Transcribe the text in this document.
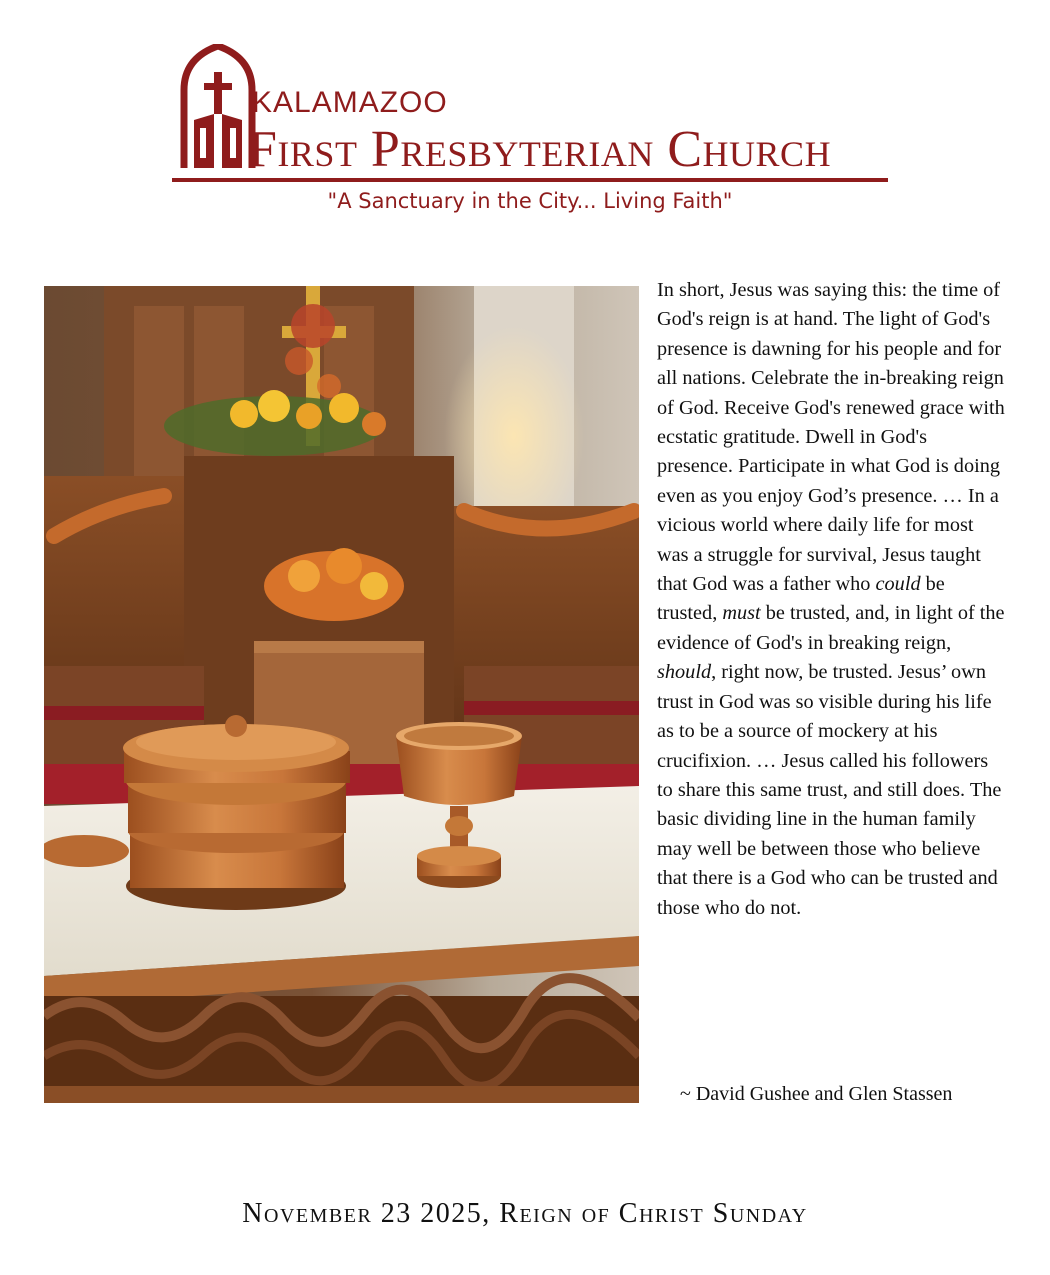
KALAMAZOO
First Presbyterian Church
"A Sanctuary in the City... Living Faith"

In short, Jesus was saying this: the time of God's reign is at hand. The light of God's presence is dawning for his people and for all nations. Celebrate the in-breaking reign of God. Receive God's renewed grace with ecstatic gratitude. Dwell in God's presence. Participate in what God is doing even as you enjoy God’s presence. … In a vicious world where daily life for most was a struggle for survival, Jesus taught that God was a father who could be trusted, must be trusted, and, in light of the evidence of God's in breaking reign, should, right now, be trusted. Jesus’ own trust in God was so visible during his life as to be a source of mockery at his crucifixion. … Jesus called his followers to share this same trust, and still does. The basic dividing line in the human family may well be between those who believe that there is a God who can be trusted and those who do not.

~ David Gushee and Glen Stassen
November 23 2025, Reign of Christ Sunday
